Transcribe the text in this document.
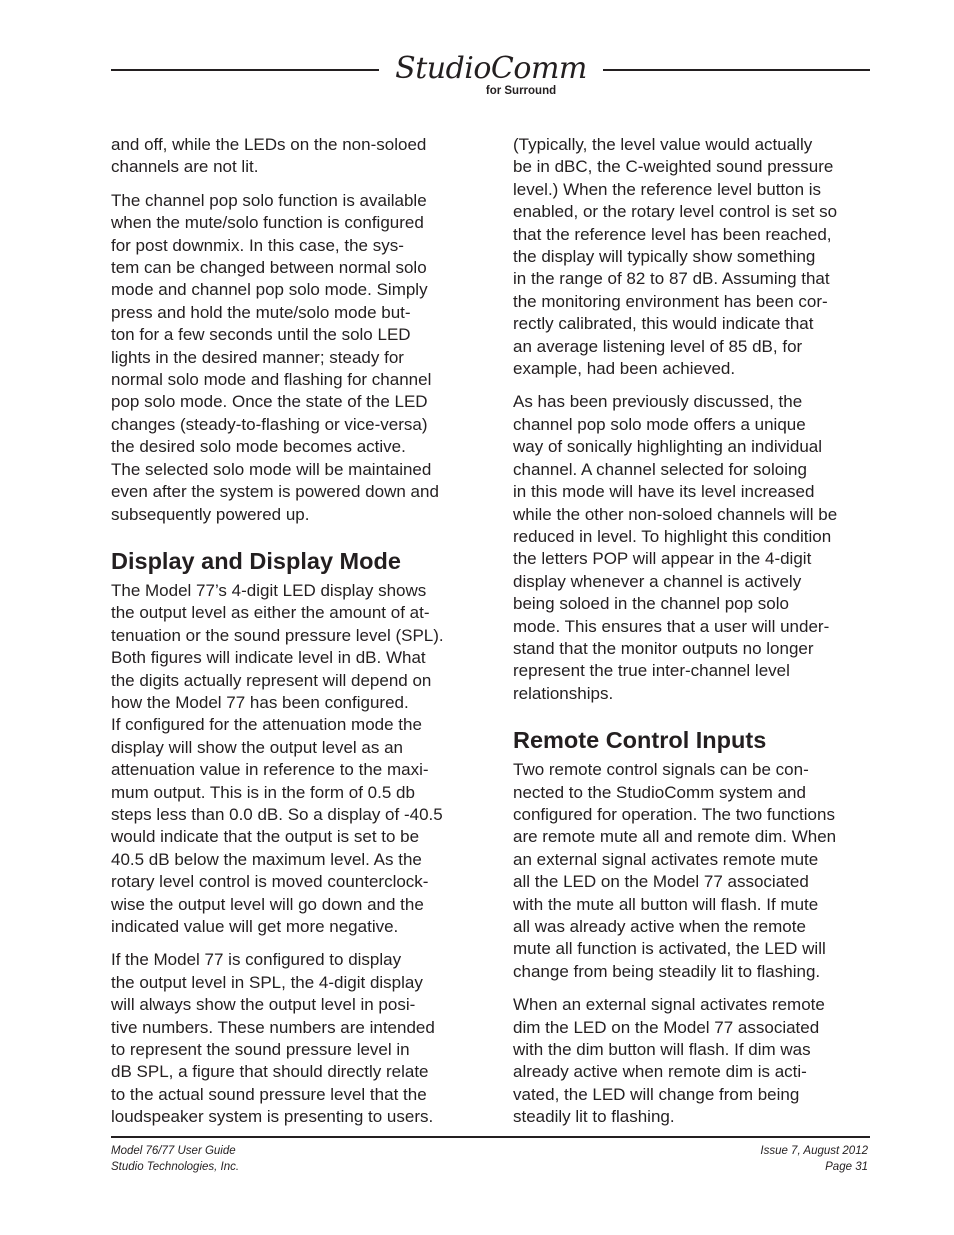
StudioComm
for Surround

and off, while the LEDs on the non-soloed
channels are not lit.

The channel pop solo function is available
when the mute/solo function is configured
for post downmix. In this case, the sys-
tem can be changed between normal solo
mode and channel pop solo mode. Simply
press and hold the mute/solo mode but-
ton for a few seconds until the solo LED
lights in the desired manner; steady for
normal solo mode and flashing for channel
pop solo mode. Once the state of the LED
changes (steady-to-flashing or vice-versa)
the desired solo mode becomes active.
The selected solo mode will be maintained
even after the system is powered down and
subsequently powered up.

Display and Display Mode

The Model 77’s 4-digit LED display shows
the output level as either the amount of at-
tenuation or the sound pressure level (SPL).
Both figures will indicate level in dB. What
the digits actually represent will depend on
how the Model 77 has been configured.
If configured for the attenuation mode the
display will show the output level as an
attenuation value in reference to the maxi-
mum output. This is in the form of 0.5 db
steps less than 0.0 dB. So a display of -40.5
would indicate that the output is set to be
40.5 dB below the maximum level. As the
rotary level control is moved counterclock-
wise the output level will go down and the
indicated value will get more negative.

If the Model 77 is configured to display
the output level in SPL, the 4-digit display
will always show the output level in posi-
tive numbers. These numbers are intended
to represent the sound pressure level in
dB SPL, a figure that should directly relate
to the actual sound pressure level that the
loudspeaker system is presenting to users.

(Typically, the level value would actually
be in dBC, the C-weighted sound pressure
level.) When the reference level button is
enabled, or the rotary level control is set so
that the reference level has been reached,
the display will typically show something
in the range of 82 to 87 dB. Assuming that
the monitoring environment has been cor-
rectly calibrated, this would indicate that
an average listening level of 85 dB, for
example, had been achieved.

As has been previously discussed, the
channel pop solo mode offers a unique
way of sonically highlighting an individual
channel. A channel selected for soloing
in this mode will have its level increased
while the other non-soloed channels will be
reduced in level. To highlight this condition
the letters POP will appear in the 4-digit
display whenever a channel is actively
being soloed in the channel pop solo
mode. This ensures that a user will under-
stand that the monitor outputs no longer
represent the true inter-channel level
relationships.

Remote Control Inputs

Two remote control signals can be con-
nected to the StudioComm system and
configured for operation. The two functions
are remote mute all and remote dim. When
an external signal activates remote mute
all the LED on the Model 77 associated
with the mute all button will flash. If mute
all was already active when the remote
mute all function is activated, the LED will
change from being steadily lit to flashing.

When an external signal activates remote
dim the LED on the Model 77 associated
with the dim button will flash. If dim was
already active when remote dim is acti-
vated, the LED will change from being
steadily lit to flashing.

Model 76/77 User Guide
Studio Technologies, Inc.
Issue 7, August 2012
Page 31
